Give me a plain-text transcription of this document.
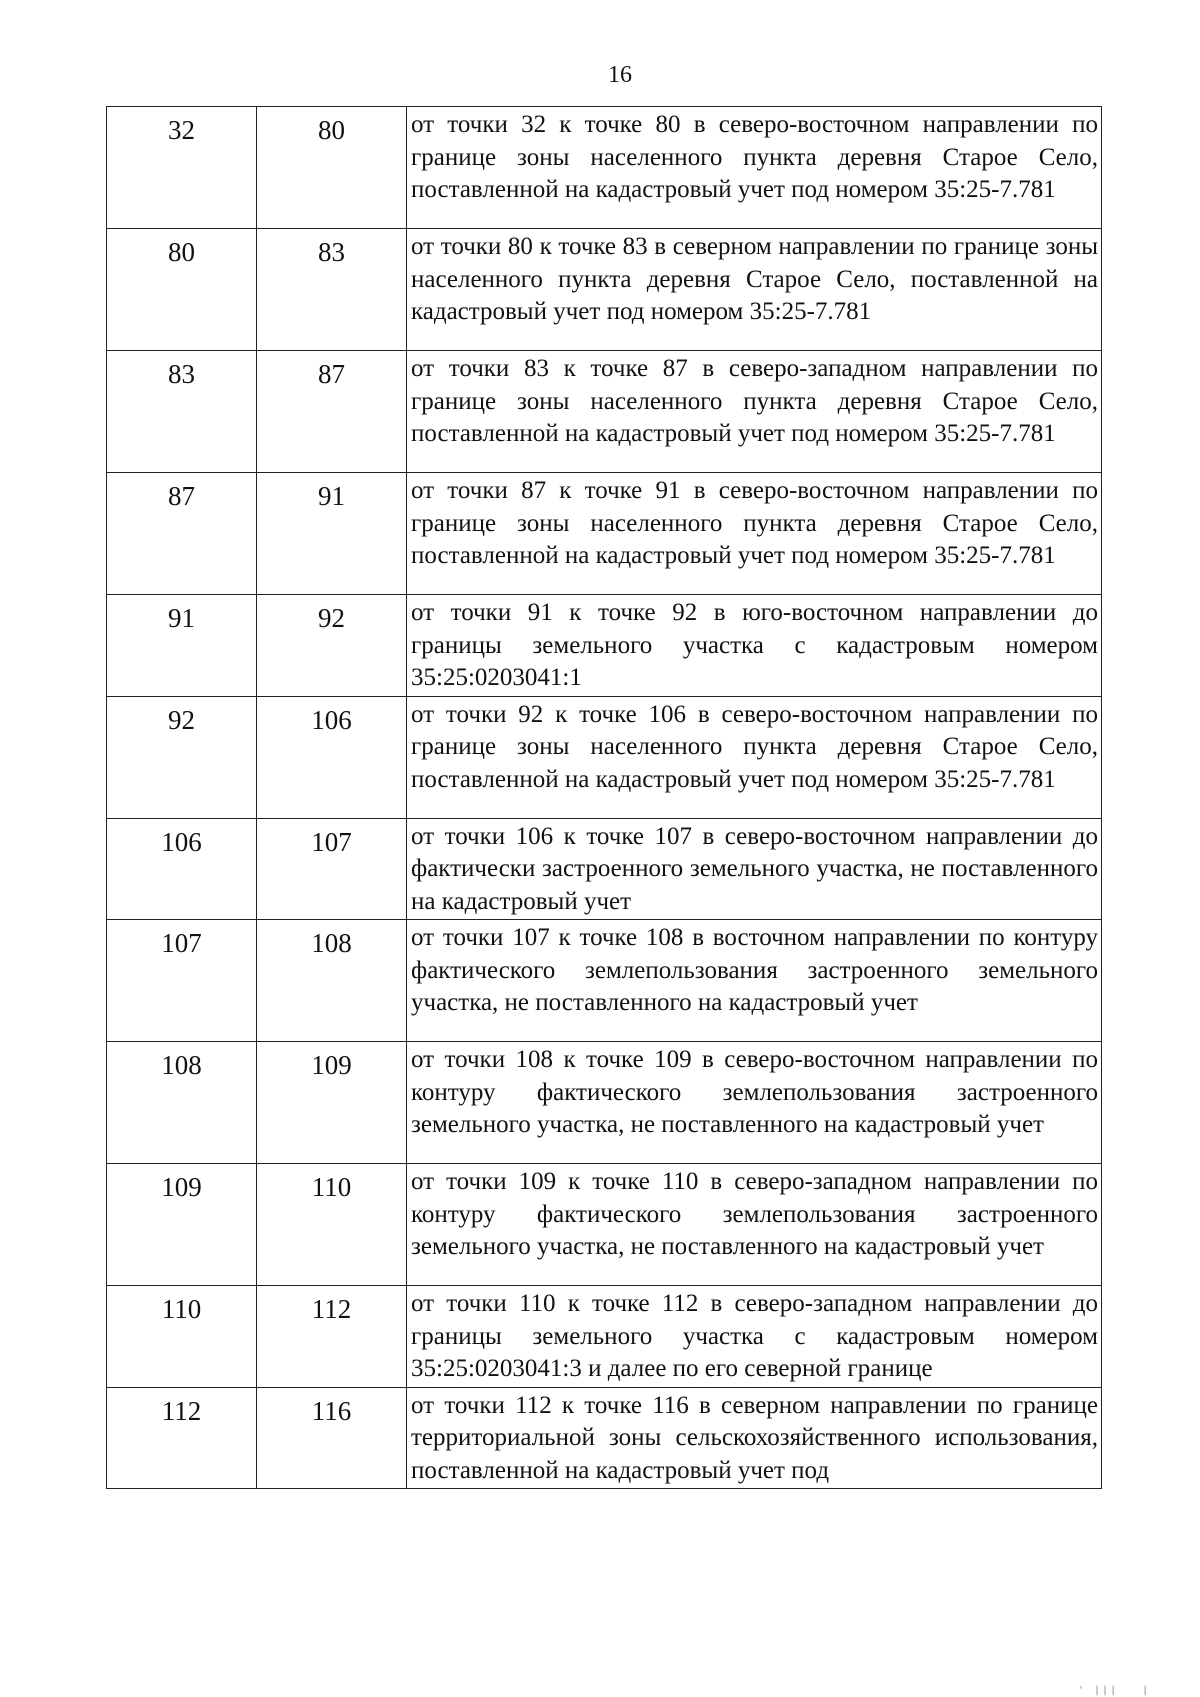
16
32	80	от точки 32 к точке 80 в северо-восточном направлении по границе зоны населенного пункта деревня Старое Село, поставленной на кадастровый учет под номером 35:25-7.781
80	83	от точки 80 к точке 83 в северном направлении по границе зоны населенного пункта деревня Старое Село, поставленной на кадастровый учет под номером 35:25-7.781
83	87	от точки 83 к точке 87 в северо-западном направлении по границе зоны населенного пункта деревня Старое Село, поставленной на кадастровый учет под номером 35:25-7.781
87	91	от точки 87 к точке 91 в северо-восточном направлении по границе зоны населенного пункта деревня Старое Село, поставленной на кадастровый учет под номером 35:25-7.781
91	92	от точки 91 к точке 92 в юго-восточном направлении до границы земельного участка с кадастровым номером 35:25:0203041:1
92	106	от точки 92 к точке 106 в северо-восточном направлении по границе зоны населенного пункта деревня Старое Село, поставленной на кадастровый учет под номером 35:25-7.781
106	107	от точки 106 к точке 107 в северо-восточном направлении до фактически застроенного земельного участка, не поставленного на кадастровый учет
107	108	от точки 107 к точке 108 в восточном направлении по контуру фактического землепользования застроенного земельного участка, не поставленного на кадастровый учет
108	109	от точки 108 к точке 109 в северо-восточном направлении по контуру фактического землепользования застроенного земельного участка, не поставленного на кадастровый учет
109	110	от точки 109 к точке 110 в северо-западном направлении по контуру фактического землепользования застроенного земельного участка, не поставленного на кадастровый учет
110	112	от точки 110 к точке 112 в северо-западном направлении до границы земельного участка с кадастровым номером 35:25:0203041:3 и далее по его северной границе
112	116	от точки 112 к точке 116 в северном направлении по границе территориальной зоны сельскохозяйственного использования, поставленной на кадастровый учет под
' |||   |
